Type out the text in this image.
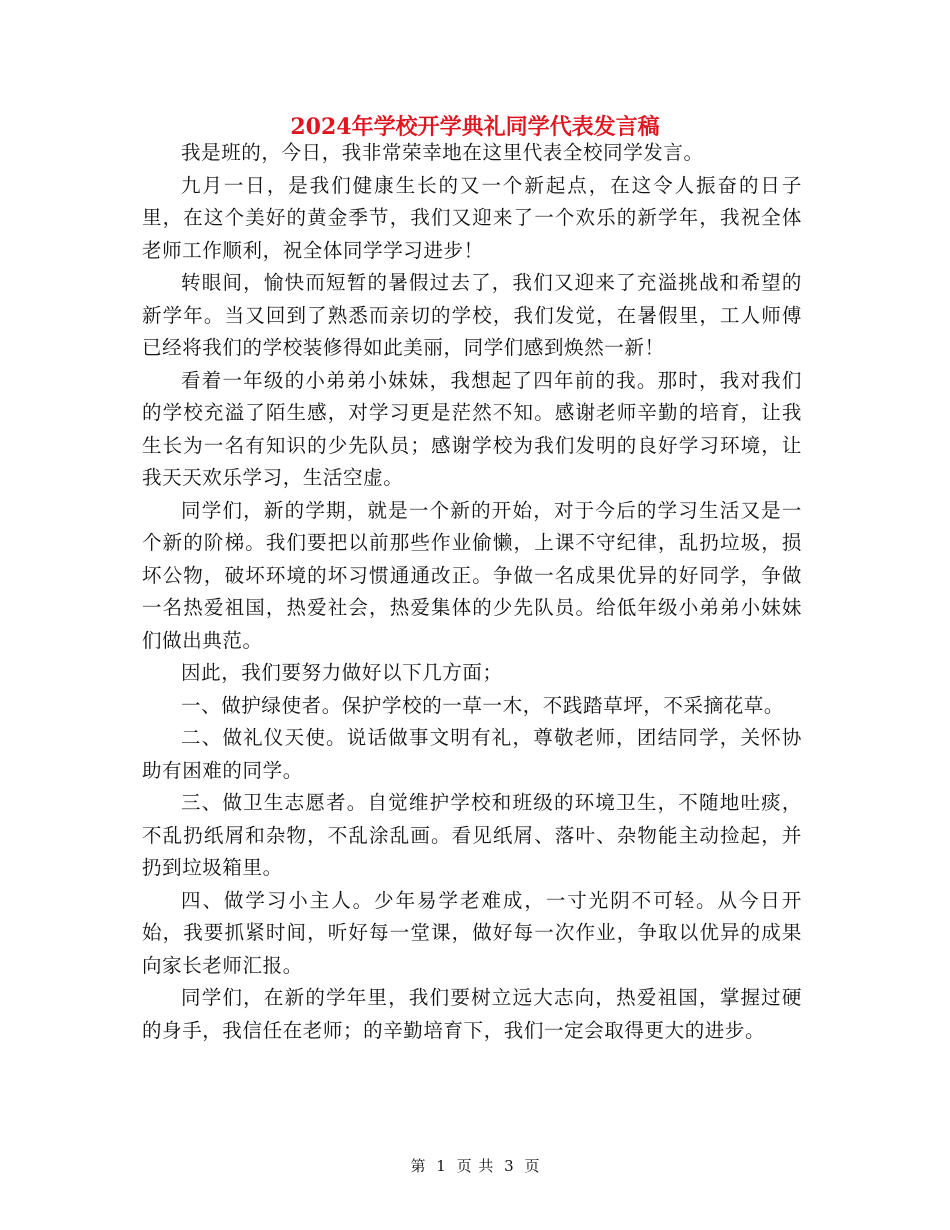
2024年学校开学典礼同学代表发言稿

我是班的，今日，我非常荣幸地在这里代表全校同学发言。

九月一日，是我们健康生长的又一个新起点，在这令人振奋的日子里，在这个美好的黄金季节，我们又迎来了一个欢乐的新学年，我祝全体老师工作顺利，祝全体同学学习进步！

转眼间，愉快而短暂的暑假过去了，我们又迎来了充溢挑战和希望的新学年。当又回到了熟悉而亲切的学校，我们发觉，在暑假里，工人师傅已经将我们的学校装修得如此美丽，同学们感到焕然一新！

看着一年级的小弟弟小妹妹，我想起了四年前的我。那时，我对我们的学校充溢了陌生感，对学习更是茫然不知。感谢老师辛勤的培育，让我生长为一名有知识的少先队员；感谢学校为我们发明的良好学习环境，让我天天欢乐学习，生活空虚。

同学们，新的学期，就是一个新的开始，对于今后的学习生活又是一个新的阶梯。我们要把以前那些作业偷懒，上课不守纪律，乱扔垃圾，损坏公物，破坏环境的坏习惯通通改正。争做一名成果优异的好同学，争做一名热爱祖国，热爱社会，热爱集体的少先队员。给低年级小弟弟小妹妹们做出典范。

因此，我们要努力做好以下几方面；

一、做护绿使者。保护学校的一草一木，不践踏草坪，不采摘花草。

二、做礼仪天使。说话做事文明有礼，尊敬老师，团结同学，关怀协助有困难的同学。

三、做卫生志愿者。自觉维护学校和班级的环境卫生，不随地吐痰，不乱扔纸屑和杂物，不乱涂乱画。看见纸屑、落叶、杂物能主动捡起，并扔到垃圾箱里。

四、做学习小主人。少年易学老难成，一寸光阴不可轻。从今日开始，我要抓紧时间，听好每一堂课，做好每一次作业，争取以优异的成果向家长老师汇报。

同学们，在新的学年里，我们要树立远大志向，热爱祖国，掌握过硬的身手，我信任在老师；的辛勤培育下，我们一定会取得更大的进步。

第 1 页 共 3 页
